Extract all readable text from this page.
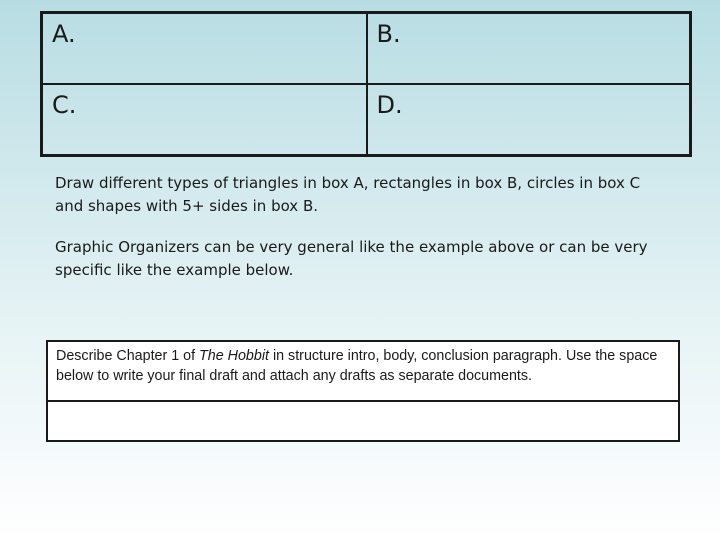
A.	B.
C.	D.

Draw different types of triangles in box A, rectangles in box B, circles in box C and shapes with 5+ sides in box B.

Graphic Organizers can be very general like the example above or can be very specific like the example below.

Describe Chapter 1 of The Hobbit in structure intro, body, conclusion paragraph. Use the space below to write your final draft and attach any drafts as separate documents.
